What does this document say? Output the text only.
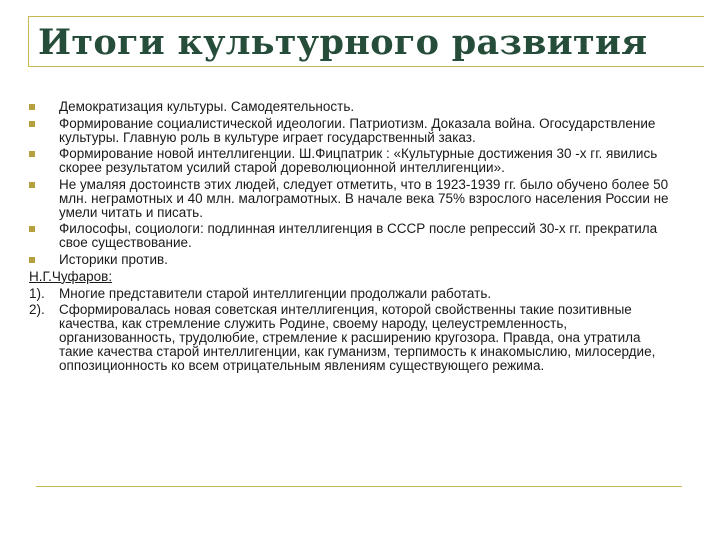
Итоги культурного развития
Демократизация культуры. Самодеятельность.
Формирование социалистической идеологии. Патриотизм. Доказала война. Огосударствление культуры. Главную роль в культуре играет государственный заказ.
Формирование новой интеллигенции. Ш.Фицпатрик : «Культурные достижения 30 -х гг. явились скорее результатом усилий старой дореволюционной интеллигенции».
Не умаляя достоинств этих людей, следует отметить, что в 1923-1939 гг. было обучено более 50 млн. неграмотных и 40 млн. малограмотных. В начале века 75% взрослого населения России не умели читать и писать.
Философы, социологи: подлинная интеллигенция в СССР после репрессий 30-х гг. прекратила свое существование.
Историки против.
Н.Г.Чуфаров:
1). Многие представители старой интеллигенции продолжали работать.
2). Сформировалась новая советская интеллигенция, которой свойственны такие позитивные качества, как стремление служить Родине, своему народу, целеустремленность, организованность, трудолюбие, стремление к расширению кругозора. Правда, она утратила такие качества старой интеллигенции, как гуманизм, терпимость к инакомыслию, милосердие, оппозиционность ко всем отрицательным явлениям существующего режима.
